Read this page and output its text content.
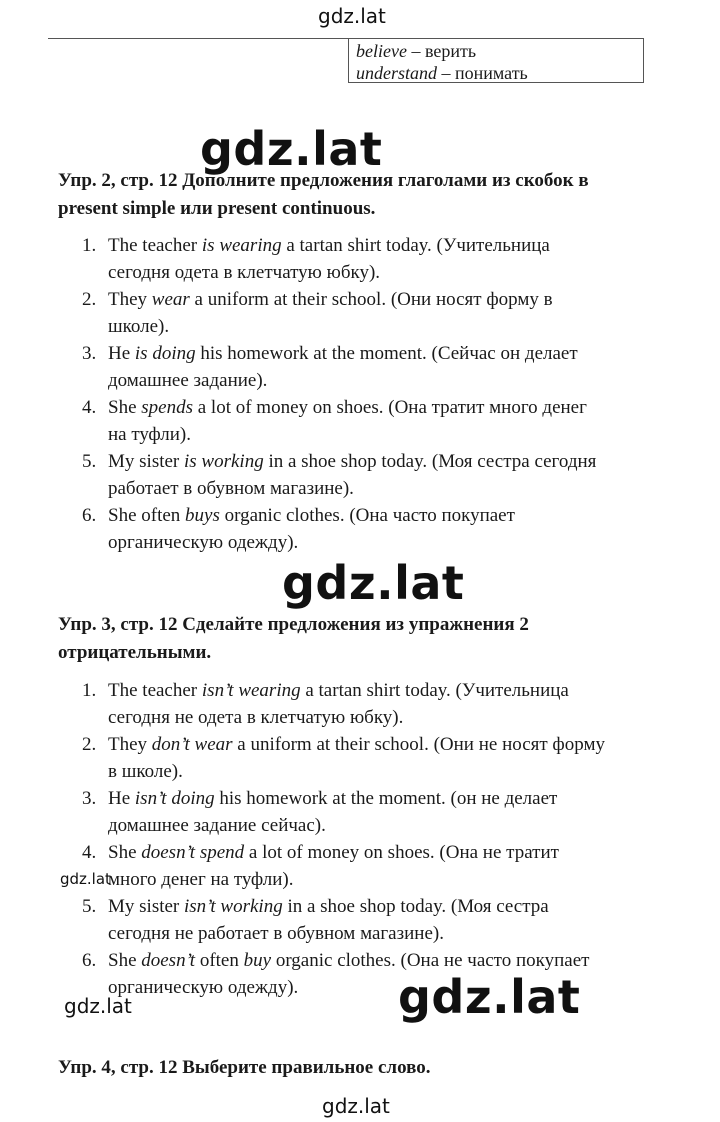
gdz.lat
gdz.lat
gdz.lat
gdz.lat
gdz.lat
gdz.lat
gdz.lat
believe – верить
understand – понимать
Упр. 2, стр. 12 Дополните предложения глаголами из скобок в
present simple или present continuous.
1. The teacher is wearing a tartan shirt today. (Учительница
сегодня одета в клетчатую юбку).
2. They wear a uniform at their school. (Они носят форму в
школе).
3. He is doing his homework at the moment. (Сейчас он делает
домашнее задание).
4. She spends a lot of money on shoes. (Она тратит много денег
на туфли).
5. My sister is working in a shoe shop today. (Моя сестра сегодня
работает в обувном магазине).
6. She often buys organic clothes. (Она часто покупает
органическую одежду).
Упр. 3, стр. 12 Сделайте предложения из упражнения 2
отрицательными.
1. The teacher isn’t wearing a tartan shirt today. (Учительница
сегодня не одета в клетчатую юбку).
2. They don’t wear a uniform at their school. (Они не носят форму
в школе).
3. He isn’t doing his homework at the moment. (он не делает
домашнее задание сейчас).
4. She doesn’t spend a lot of money on shoes. (Она не тратит
много денег на туфли).
5. My sister isn’t working in a shoe shop today. (Моя сестра
сегодня не работает в обувном магазине).
6. She doesn’t often buy organic clothes. (Она не часто покупает
органическую одежду).
Упр. 4, стр. 12 Выберите правильное слово.
